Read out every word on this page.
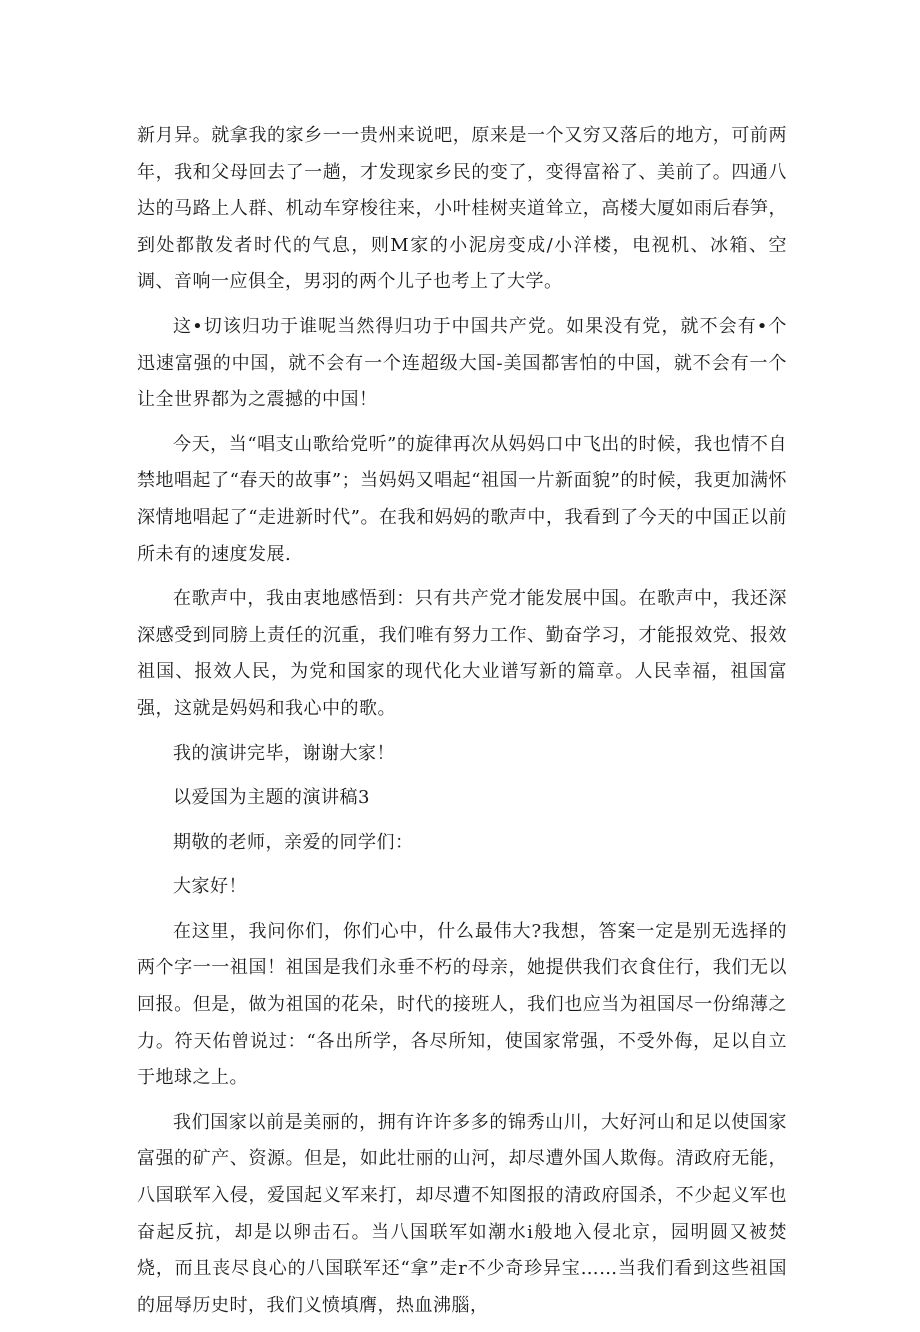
新月异。就拿我的家乡一一贵州来说吧，原来是一个又穷又落后的地方，可前两年，我和父母回去了一趟，才发现家乡民的变了，变得富裕了、美前了。四通八达的马路上人群、机动车穿梭往来，小叶桂树夹道耸立，高楼大厦如雨后春笋，到处都散发者时代的气息，则M家的小泥房变成/小洋楼，电视机、冰箱、空调、音响一应俱全，男羽的两个儿子也考上了大学。

这•切该归功于谁呢当然得归功于中国共产党。如果没有党，就不会有•个迅速富强的中国，就不会有一个连超级大国-美国都害怕的中国，就不会有一个让全世界都为之震撼的中国！

今天，当“唱支山歌给党听”的旋律再次从妈妈口中飞出的时候，我也情不自禁地唱起了“春天的故事”；当妈妈又唱起“祖国一片新面貌”的时候，我更加满怀深情地唱起了“走进新时代”。在我和妈妈的歌声中，我看到了今天的中国正以前所未有的速度发展.

在歌声中，我由衷地感悟到：只有共产党才能发展中国。在歌声中，我还深深感受到同膀上责任的沉重，我们唯有努力工作、勤奋学习，才能报效党、报效祖国、报效人民，为党和国家的现代化大业谱写新的篇章。人民幸福，祖国富强，这就是妈妈和我心中的歌。

我的演讲完毕，谢谢大家！

以爱国为主题的演讲稿3

期敬的老师，亲爱的同学们：

大家好！

在这里，我问你们，你们心中，什么最伟大?我想，答案一定是别无选择的两个字一一祖国！祖国是我们永垂不朽的母亲，她提供我们衣食住行，我们无以回报。但是，做为祖国的花朵，时代的接班人，我们也应当为祖国尽一份绵薄之力。符天佑曾说过：“各出所学，各尽所知，使国家常强，不受外侮，足以自立于地球之上。

我们国家以前是美丽的，拥有许许多多的锦秀山川，大好河山和足以使国家富强的矿产、资源。但是，如此壮丽的山河，却尽遭外国人欺侮。清政府无能，八国联军入侵，爱国起义军来打，却尽遭不知图报的清政府国杀，不少起义军也奋起反抗，却是以卵击石。当八国联军如潮水i般地入侵北京，园明圆又被焚烧，而且丧尽良心的八国联军还“拿”走r不少奇珍异宝……当我们看到这些祖国的屈辱历史时，我们义愤填膺，热血沸腦，
